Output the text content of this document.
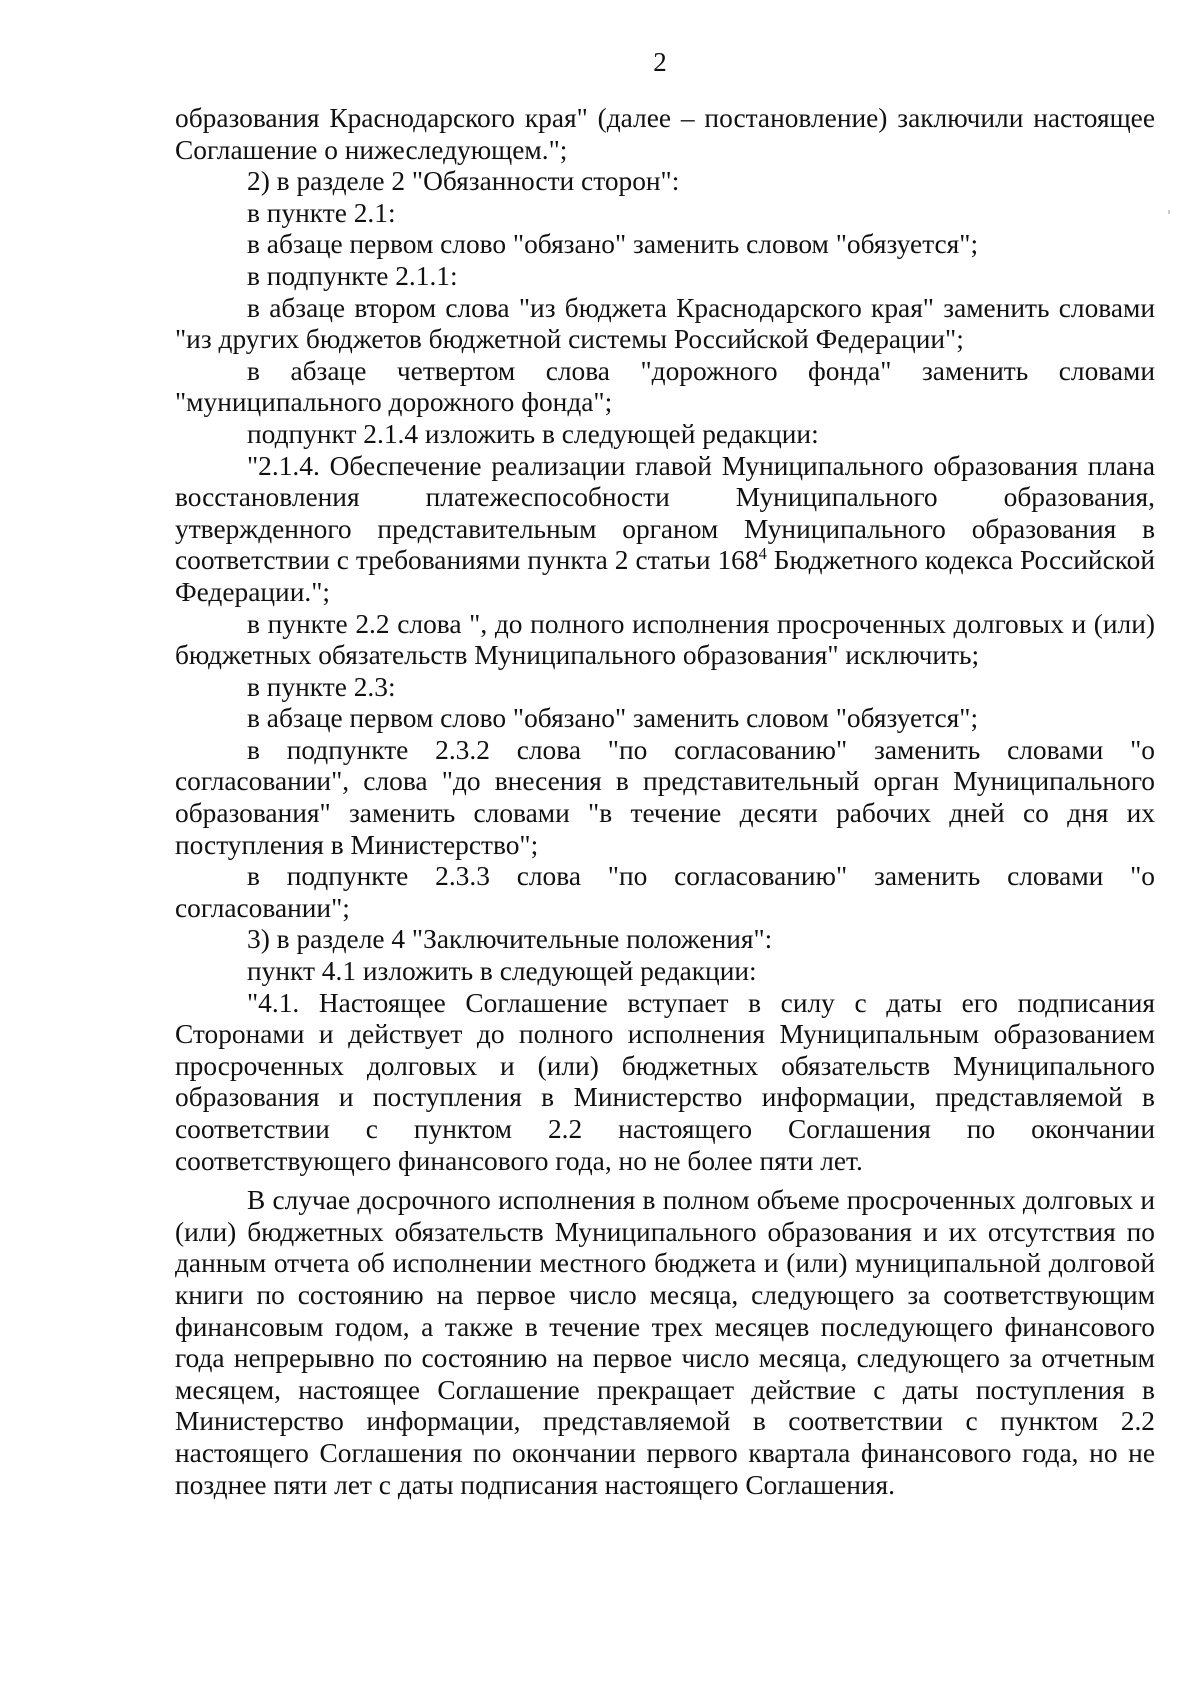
2

образования Краснодарского края" (далее – постановление) заключили настоящее Соглашение о нижеследующем.";

2) в разделе 2 "Обязанности сторон":

в пункте 2.1:

в абзаце первом слово "обязано" заменить словом "обязуется";

в подпункте 2.1.1:

в абзаце втором слова "из бюджета Краснодарского края" заменить словами "из других бюджетов бюджетной системы Российской Федерации";

в абзаце четвертом слова "дорожного фонда" заменить словами "муниципального дорожного фонда";

подпункт 2.1.4 изложить в следующей редакции:

"2.1.4. Обеспечение реализации главой Муниципального образования плана восстановления платежеспособности Муниципального образования, утвержденного представительным органом Муниципального образования в соответствии с требованиями пункта 2 статьи $168^4$ Бюджетного кодекса Российской Федерации.";

в пункте 2.2 слова ", до полного исполнения просроченных долговых и (или) бюджетных обязательств Муниципального образования" исключить;

в пункте 2.3:

в абзаце первом слово "обязано" заменить словом "обязуется";

в подпункте 2.3.2 слова "по согласованию" заменить словами "о согласовании", слова "до внесения в представительный орган Муниципального образования" заменить словами "в течение десяти рабочих дней со дня их поступления в Министерство";

в подпункте 2.3.3 слова "по согласованию" заменить словами "о согласовании";

3) в разделе 4 "Заключительные положения":

пункт 4.1 изложить в следующей редакции:

"4.1. Настоящее Соглашение вступает в силу с даты его подписания Сторонами и действует до полного исполнения Муниципальным образованием просроченных долговых и (или) бюджетных обязательств Муниципального образования и поступления в Министерство информации, представляемой в соответствии с пунктом 2.2 настоящего Соглашения по окончании соответствующего финансового года, но не более пяти лет.

В случае досрочного исполнения в полном объеме просроченных долговых и (или) бюджетных обязательств Муниципального образования и их отсутствия по данным отчета об исполнении местного бюджета и (или) муниципальной долговой книги по состоянию на первое число месяца, следующего за соответствующим финансовым годом, а также в течение трех месяцев последующего финансового года непрерывно по состоянию на первое число месяца, следующего за отчетным месяцем, настоящее Соглашение прекращает действие с даты поступления в Министерство информации, представляемой в соответствии с пунктом 2.2 настоящего Соглашения по окончании первого квартала финансового года, но не позднее пяти лет с даты подписания настоящего Соглашения.
